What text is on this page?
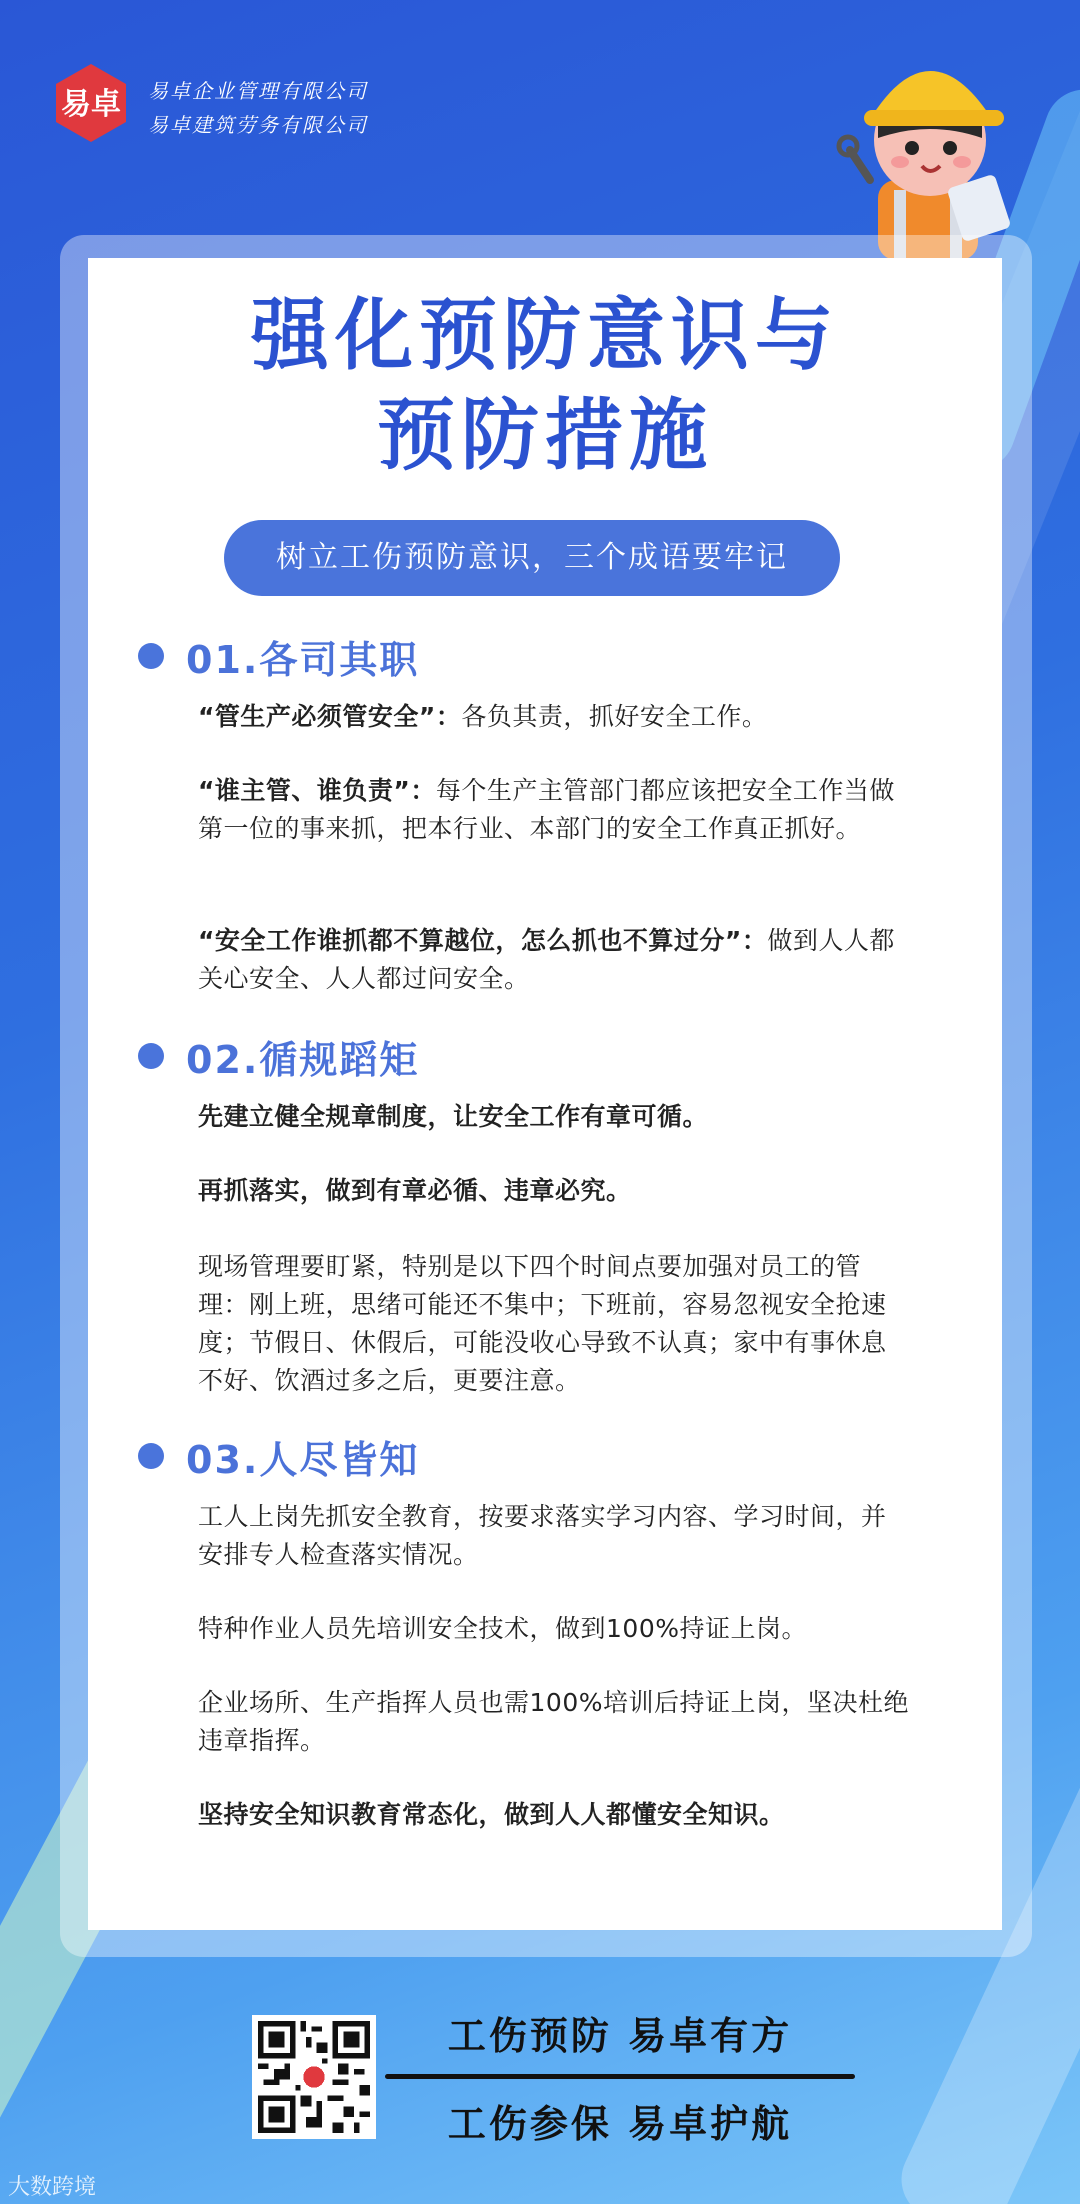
易卓 易卓企业管理有限公司
易卓建筑劳务有限公司
强化预防意识与
预防措施
树立工伤预防意识，三个成语要牢记
01.各司其职
“管生产必须管安全”：各负其责，抓好安全工作。
“谁主管、谁负责”：每个生产主管部门都应该把安全工作当做第一位的事来抓，把本行业、本部门的安全工作真正抓好。
“安全工作谁抓都不算越位，怎么抓也不算过分”：做到人人都关心安全、人人都过问安全。
02.循规蹈矩
先建立健全规章制度，让安全工作有章可循。
再抓落实，做到有章必循、违章必究。
现场管理要盯紧，特别是以下四个时间点要加强对员工的管理：刚上班，思绪可能还不集中；下班前，容易忽视安全抢速度；节假日、休假后，可能没收心导致不认真；家中有事休息不好、饮酒过多之后，更要注意。
03.人尽皆知
工人上岗先抓安全教育，按要求落实学习内容、学习时间，并安排专人检查落实情况。
特种作业人员先培训安全技术，做到100%持证上岗。
企业场所、生产指挥人员也需100%培训后持证上岗，坚决杜绝违章指挥。
坚持安全知识教育常态化，做到人人都懂安全知识。
工伤预防 易卓有方
工伤参保 易卓护航
大数跨境
